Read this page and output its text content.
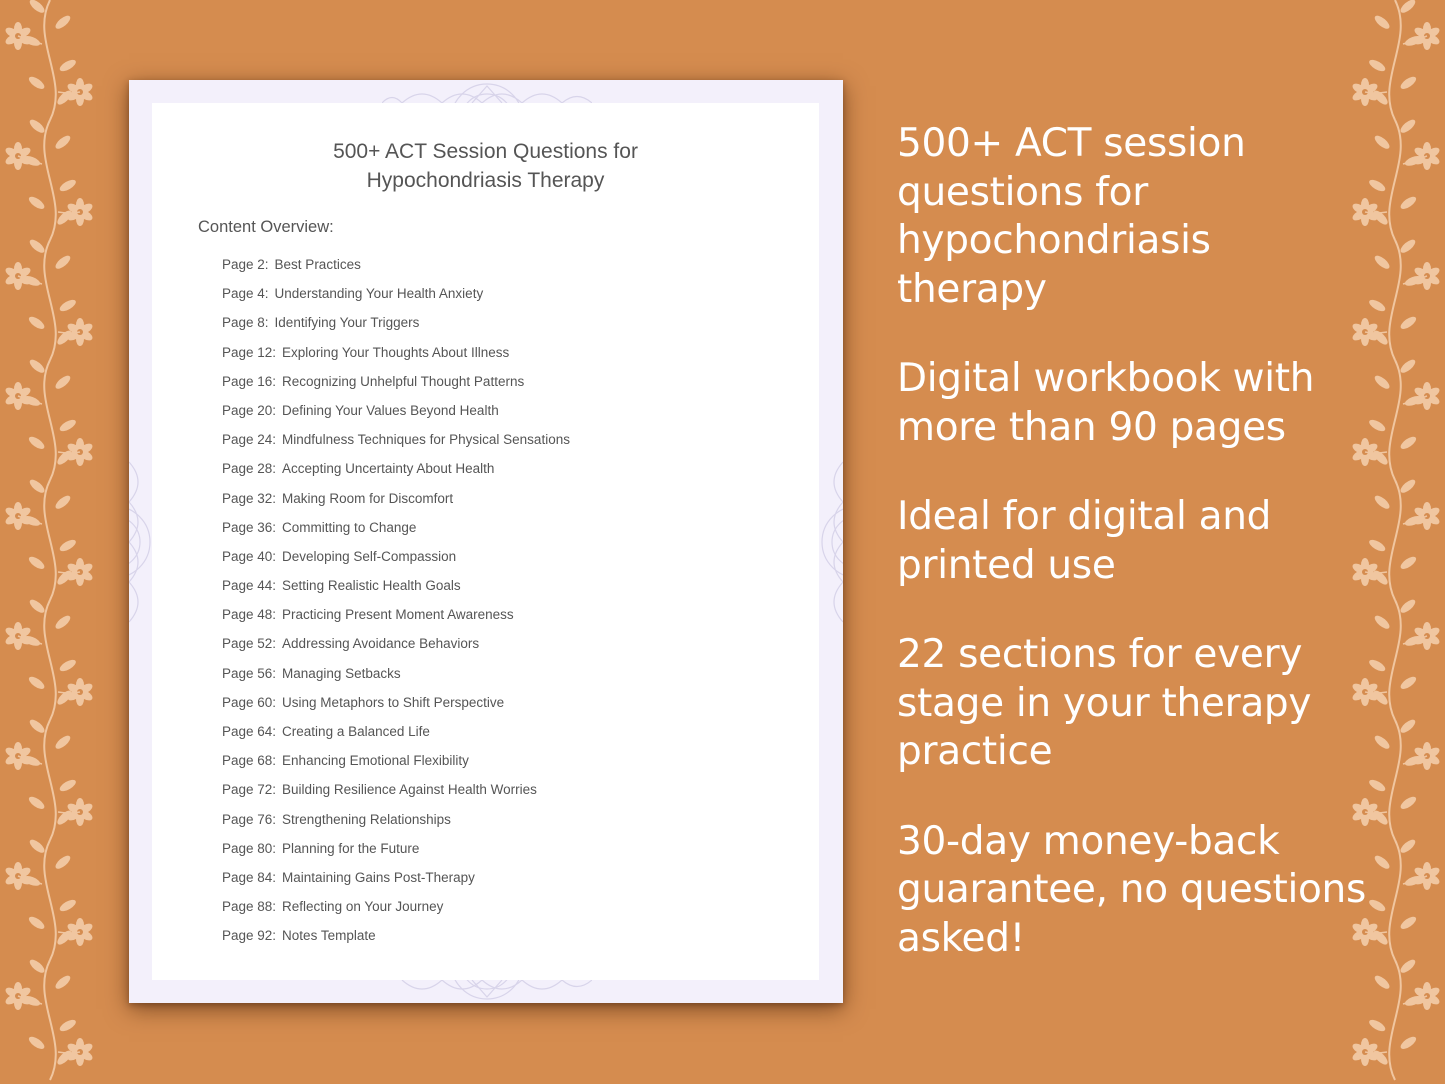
500+ ACT Session Questions for
Hypochondriasis Therapy
Content Overview:
Page 2: Best Practices
Page 4: Understanding Your Health Anxiety
Page 8: Identifying Your Triggers
Page 12: Exploring Your Thoughts About Illness
Page 16: Recognizing Unhelpful Thought Patterns
Page 20: Defining Your Values Beyond Health
Page 24: Mindfulness Techniques for Physical Sensations
Page 28: Accepting Uncertainty About Health
Page 32: Making Room for Discomfort
Page 36: Committing to Change
Page 40: Developing Self-Compassion
Page 44: Setting Realistic Health Goals
Page 48: Practicing Present Moment Awareness
Page 52: Addressing Avoidance Behaviors
Page 56: Managing Setbacks
Page 60: Using Metaphors to Shift Perspective
Page 64: Creating a Balanced Life
Page 68: Enhancing Emotional Flexibility
Page 72: Building Resilience Against Health Worries
Page 76: Strengthening Relationships
Page 80: Planning for the Future
Page 84: Maintaining Gains Post-Therapy
Page 88: Reflecting on Your Journey
Page 92: Notes Template
500+ ACT session questions for hypochondriasis therapy
Digital workbook with more than 90 pages
Ideal for digital and printed use
22 sections for every stage in your therapy practice
30-day money-back guarantee, no questions asked!
